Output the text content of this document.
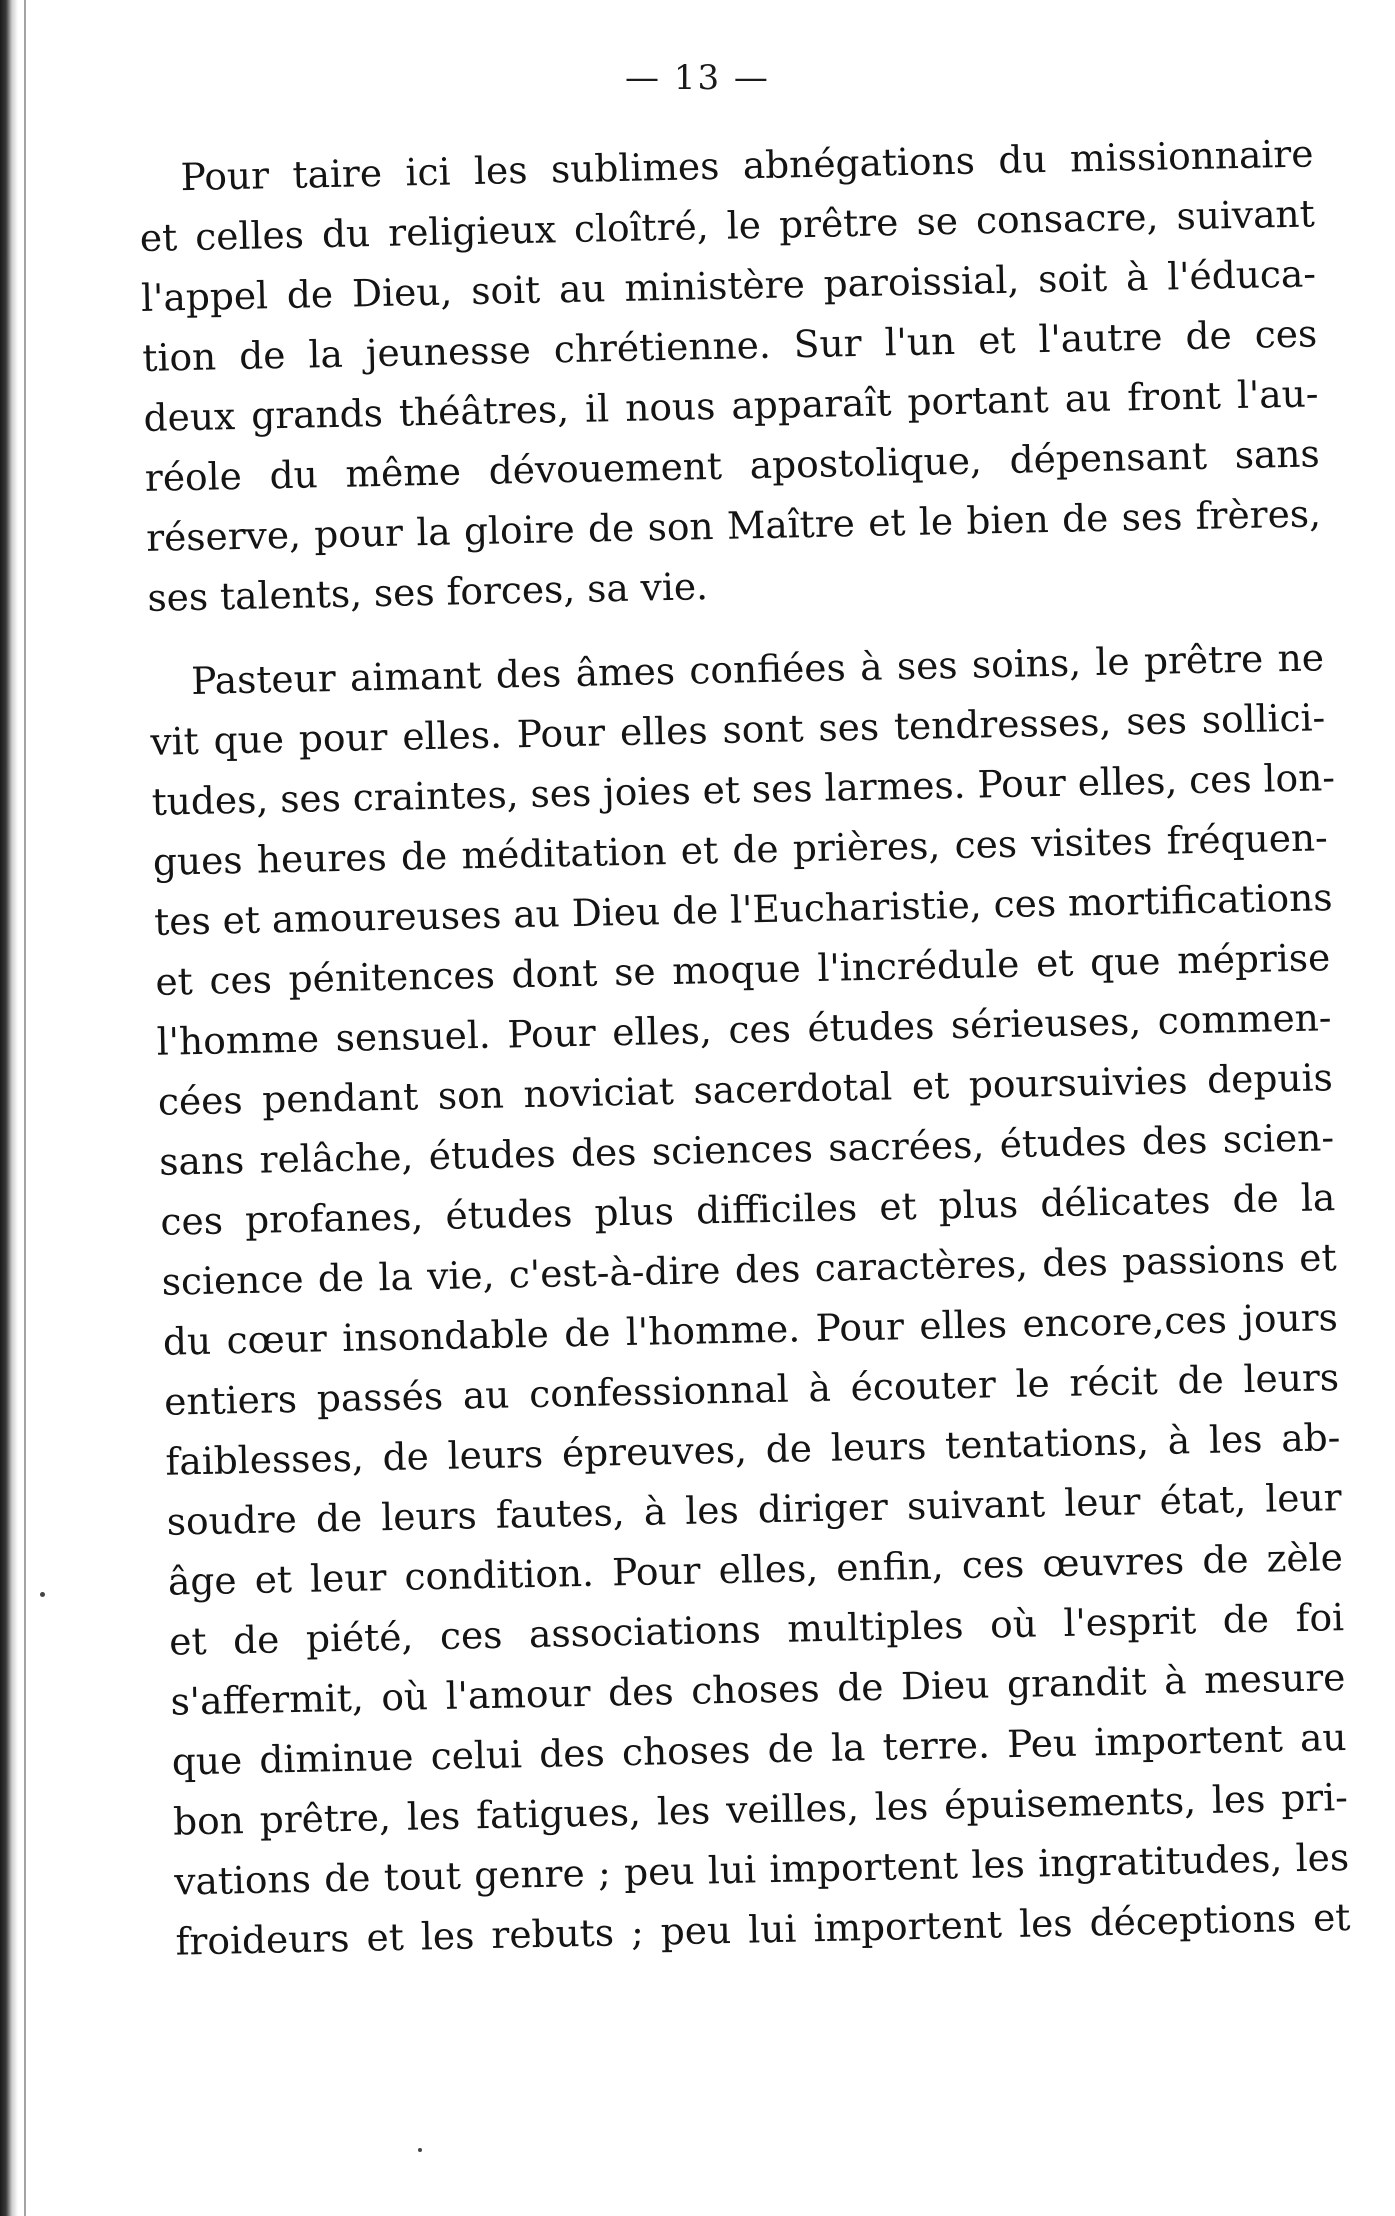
— 13 —
Pour taire ici les sublimes abnégations du missionnaire
et celles du religieux cloîtré, le prêtre se consacre, suivant
l'appel de Dieu, soit au ministère paroissial, soit à l'éduca-
tion de la jeunesse chrétienne. Sur l'un et l'autre de ces
deux grands théâtres, il nous apparaît portant au front l'au-
réole du même dévouement apostolique, dépensant sans
réserve, pour la gloire de son Maître et le bien de ses frères,
ses talents, ses forces, sa vie.
Pasteur aimant des âmes confiées à ses soins, le prêtre ne
vit que pour elles. Pour elles sont ses tendresses, ses sollici-
tudes, ses craintes, ses joies et ses larmes. Pour elles, ces lon-
gues heures de méditation et de prières, ces visites fréquen-
tes et amoureuses au Dieu de l'Eucharistie, ces mortifications
et ces pénitences dont se moque l'incrédule et que méprise
l'homme sensuel. Pour elles, ces études sérieuses, commen-
cées pendant son noviciat sacerdotal et poursuivies depuis
sans relâche, études des sciences sacrées, études des scien-
ces profanes, études plus difficiles et plus délicates de la
science de la vie, c'est-à-dire des caractères, des passions et
du cœur insondable de l'homme. Pour elles encore,ces jours
entiers passés au confessionnal à écouter le récit de leurs
faiblesses, de leurs épreuves, de leurs tentations, à les ab-
soudre de leurs fautes, à les diriger suivant leur état, leur
âge et leur condition. Pour elles, enfin, ces œuvres de zèle
et de piété, ces associations multiples où l'esprit de foi
s'affermit, où l'amour des choses de Dieu grandit à mesure
que diminue celui des choses de la terre. Peu importent au
bon prêtre, les fatigues, les veilles, les épuisements, les pri-
vations de tout genre ; peu lui importent les ingratitudes, les
froideurs et les rebuts ; peu lui importent les déceptions et
